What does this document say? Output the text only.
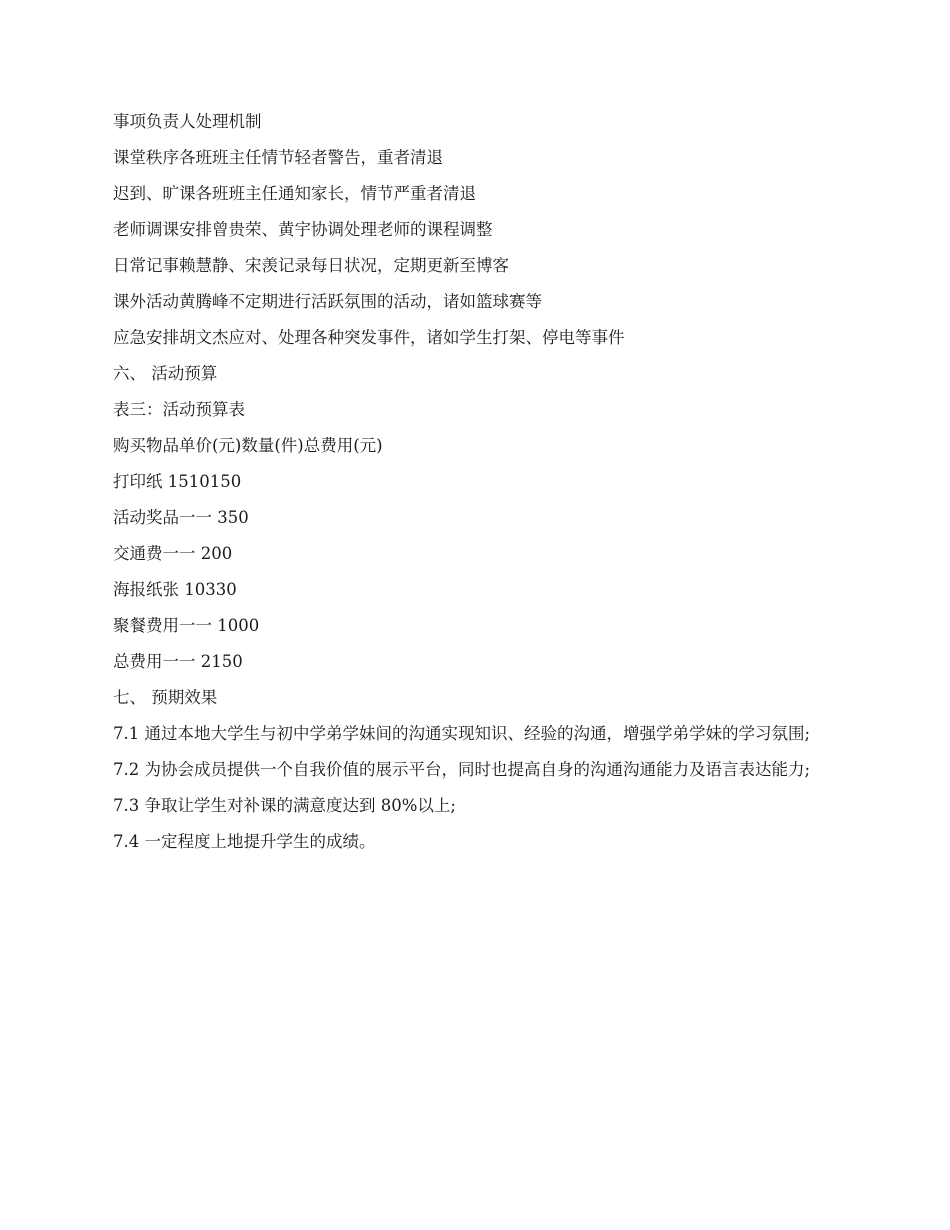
事项负责人处理机制

课堂秩序各班班主任情节轻者警告，重者清退

迟到、旷课各班班主任通知家长，情节严重者清退

老师调课安排曾贵荣、黄宇协调处理老师的课程调整

日常记事赖慧静、宋羡记录每日状况，定期更新至博客

课外活动黄腾峰不定期进行活跃氛围的活动，诸如篮球赛等

应急安排胡文杰应对、处理各种突发事件，诸如学生打架、停电等事件

六、 活动预算

表三：活动预算表

购买物品单价(元)数量(件)总费用(元)

打印纸 1510150

活动奖品一一 350

交通费一一 200

海报纸张 10330

聚餐费用一一 1000

总费用一一 2150

七、 预期效果

7.1 通过本地大学生与初中学弟学妹间的沟通实现知识、经验的沟通，增强学弟学妹的学习氛围;

7.2 为协会成员提供一个自我价值的展示平台，同时也提高自身的沟通沟通能力及语言表达能力;

7.3 争取让学生对补课的满意度达到 80%以上;

7.4 一定程度上地提升学生的成绩。
